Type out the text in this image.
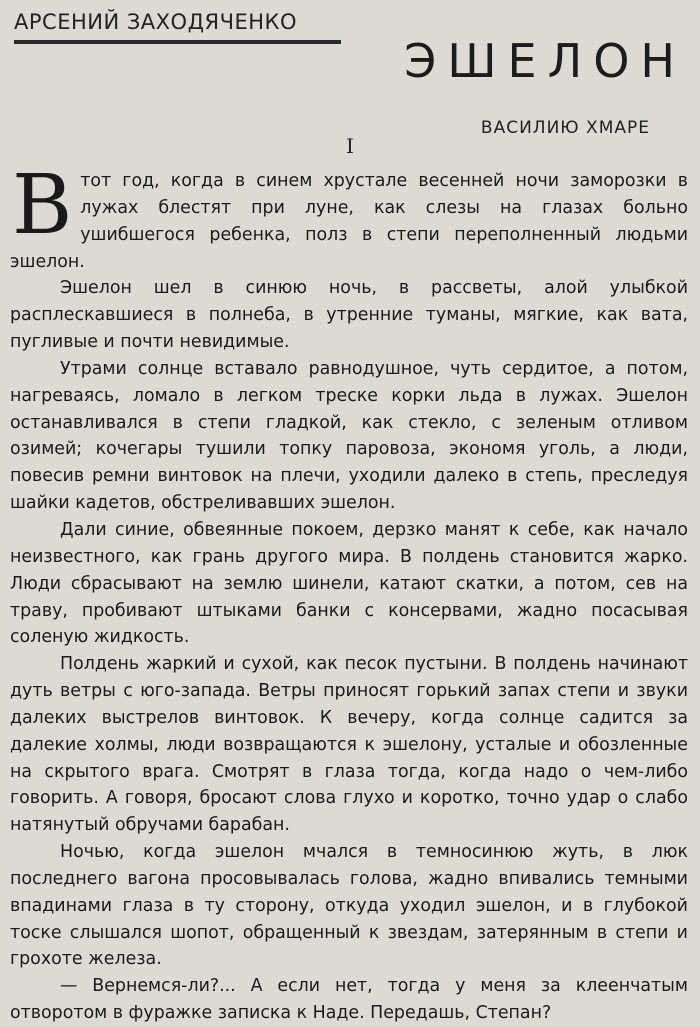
АРСЕНИЙ ЗАХОДЯЧЕНКО
ЭШЕЛОН
ВАСИЛИЮ ХМАРЕ
I

Втот год, когда в синем хрустале весенней ночи заморозки в лужах блестят при луне, как слезы на глазах больно ушибшегося ребенка, полз в степи переполненный людьми эшелон.

Эшелон шел в синюю ночь, в рассветы, алой улыбкой расплескавшиеся в полнеба, в утренние туманы, мягкие, как вата, пугливые и почти невидимые.

Утрами солнце вставало равнодушное, чуть сердитое, а потом, нагреваясь, ломало в легком треске корки льда в лужах. Эшелон останавливался в степи гладкой, как стекло, с зеленым отливом озимей; кочегары тушили топку паровоза, экономя уголь, а люди, повесив ремни винтовок на плечи, уходили далеко в степь, преследуя шайки кадетов, обстреливавших эшелон.

Дали синие, обвеянные покоем, дерзко манят к себе, как начало неизвестного, как грань другого мира. В полдень становится жарко. Люди сбрасывают на землю шинели, катают скатки, а потом, сев на траву, пробивают штыками банки с консервами, жадно посасывая соленую жидкость.

Полдень жаркий и сухой, как песок пустыни. В полдень начинают дуть ветры с юго-запада. Ветры приносят горький запах степи и звуки далеких выстрелов винтовок. К вечеру, когда солнце садится за далекие холмы, люди возвращаются к эшелону, усталые и обозленные на скрытого врага. Смотрят в глаза тогда, когда надо о чем-либо говорить. А говоря, бросают слова глухо и коротко, точно удар о слабо натянутый обручами барабан.

Ночью, когда эшелон мчался в темносинюю жуть, в люк последнего вагона просовывалась голова, жадно впивались темными впадинами глаза в ту сторону, откуда уходил эшелон, и в глубокой тоске слышался шопот, обращенный к звездам, затерянным в степи и грохоте железа.

— Вернемся-ли?... А если нет, тогда у меня за клеенчатым отворотом в фуражке записка к Наде. Передашь, Степан?
